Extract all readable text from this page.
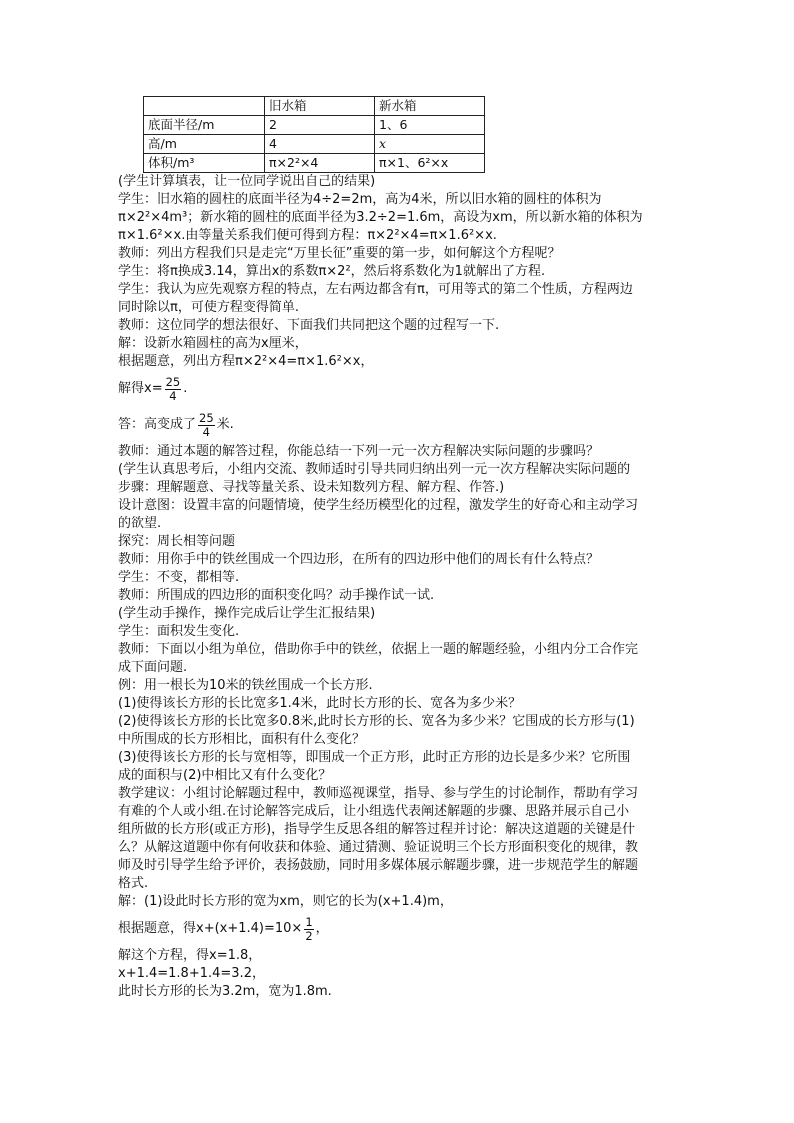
	旧水箱	新水箱
底面半径/m	2	1、6
高/m	4	x
体积/m³	π×2²×4	π×1、6²×x
(学生计算填表，让一位同学说出自己的结果)
学生：旧水箱的圆柱的底面半径为4÷2=2m，高为4米，所以旧水箱的圆柱的体积为
π×2²×4m³；新水箱的圆柱的底面半径为3.2÷2=1.6m，高设为xm，所以新水箱的体积为
π×1.6²×x.由等量关系我们便可得到方程：π×2²×4=π×1.6²×x.
教师：列出方程我们只是走完“万里长征”重要的第一步，如何解这个方程呢？
学生：将π换成3.14，算出x的系数π×2²，然后将系数化为1就解出了方程.
学生：我认为应先观察方程的特点，左右两边都含有π，可用等式的第二个性质，方程两边
同时除以π，可使方程变得简单.
教师：这位同学的想法很好、下面我们共同把这个题的过程写一下.
解：设新水箱圆柱的高为x厘米，
根据题意，列出方程π×2²×4=π×1.6²×x，
解得$x= \frac{25}{4}$ .
答：高变成了 $\frac{25}{4}$ 米.
教师：通过本题的解答过程，你能总结一下列一元一次方程解决实际问题的步骤吗？
(学生认真思考后，小组内交流、教师适时引导共同归纳出列一元一次方程解决实际问题的
步骤：理解题意、寻找等量关系、设未知数列方程、解方程、作答.)
设计意图：设置丰富的问题情境，使学生经历模型化的过程，激发学生的好奇心和主动学习
的欲望.
探究：周长相等问题
教师：用你手中的铁丝围成一个四边形，在所有的四边形中他们的周长有什么特点？
学生：不变，都相等.
教师：所围成的四边形的面积变化吗？动手操作试一试.
(学生动手操作，操作完成后让学生汇报结果)
学生：面积发生变化.
教师：下面以小组为单位，借助你手中的铁丝，依据上一题的解题经验，小组内分工合作完
成下面问题.
例：用一根长为10米的铁丝围成一个长方形.
(1)使得该长方形的长比宽多1.4米，此时长方形的长、宽各为多少米？
(2)使得该长方形的长比宽多0.8米,此时长方形的长、宽各为多少米？它围成的长方形与(1)
中所围成的长方形相比，面积有什么变化？
(3)使得该长方形的长与宽相等，即围成一个正方形，此时正方形的边长是多少米？它所围
成的面积与(2)中相比又有什么变化？
教学建议：小组讨论解题过程中，教师巡视课堂，指导、参与学生的讨论制作，帮助有学习
有难的个人或小组.在讨论解答完成后，让小组选代表阐述解题的步骤、思路并展示自己小
组所做的长方形(或正方形)，指导学生反思各组的解答过程并讨论：解决这道题的关键是什
么？从解这道题中你有何收获和体验、通过猜测、验证说明三个长方形面积变化的规律，教
师及时引导学生给予评价，表扬鼓励，同时用多媒体展示解题步骤，进一步规范学生的解题
格式.
解：(1)设此时长方形的宽为xm，则它的长为(x+1.4)m，
根据题意，得$x+(x+1.4)=10\times \frac{1}{2}$ ，
解这个方程，得x=1.8，
x+1.4=1.8+1.4=3.2，
此时长方形的长为3.2m，宽为1.8m.
